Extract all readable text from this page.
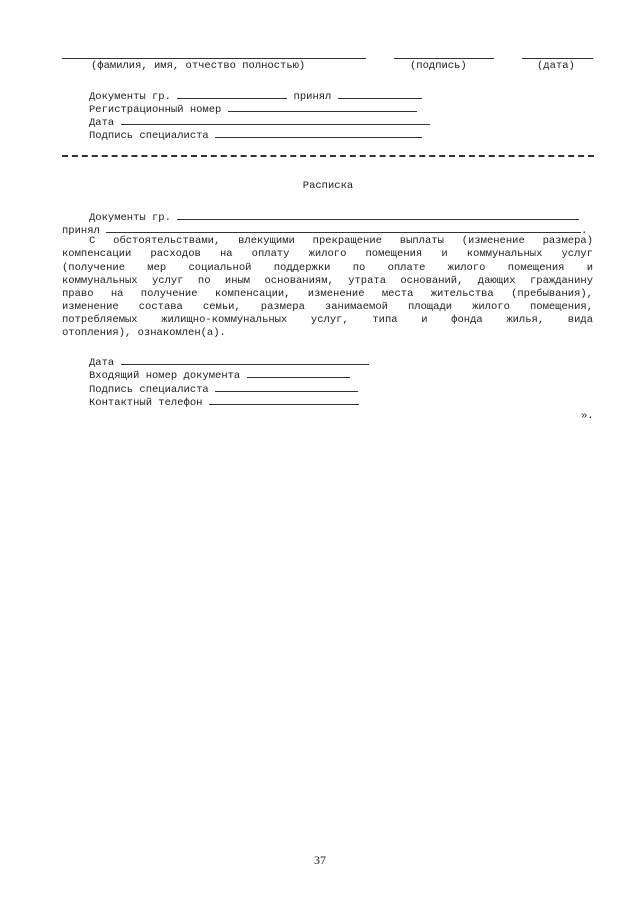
(фамилия, имя, отчество полностью)	(подпись)	(дата)
Документы гр.	принял
Регистрационный номер
Дата
Подпись специалиста
Расписка
Документы гр.
принял	.
С обстоятельствами, влекущими прекращение выплаты (изменение размера)
компенсации расходов на оплату жилого помещения и коммунальных услуг
(получение мер социальной поддержки по оплате жилого помещения и
коммунальных услуг по иным основаниям, утрата оснований, дающих гражданину
право на получение компенсации, изменение места жительства (пребывания),
изменение состава семьи, размера занимаемой площади жилого помещения,
потребляемых жилищно-коммунальных услуг, типа и фонда жилья, вида
отопления), ознакомлен(а).
Дата
Входящий номер документа
Подпись специалиста
Контактный телефон
».
37
